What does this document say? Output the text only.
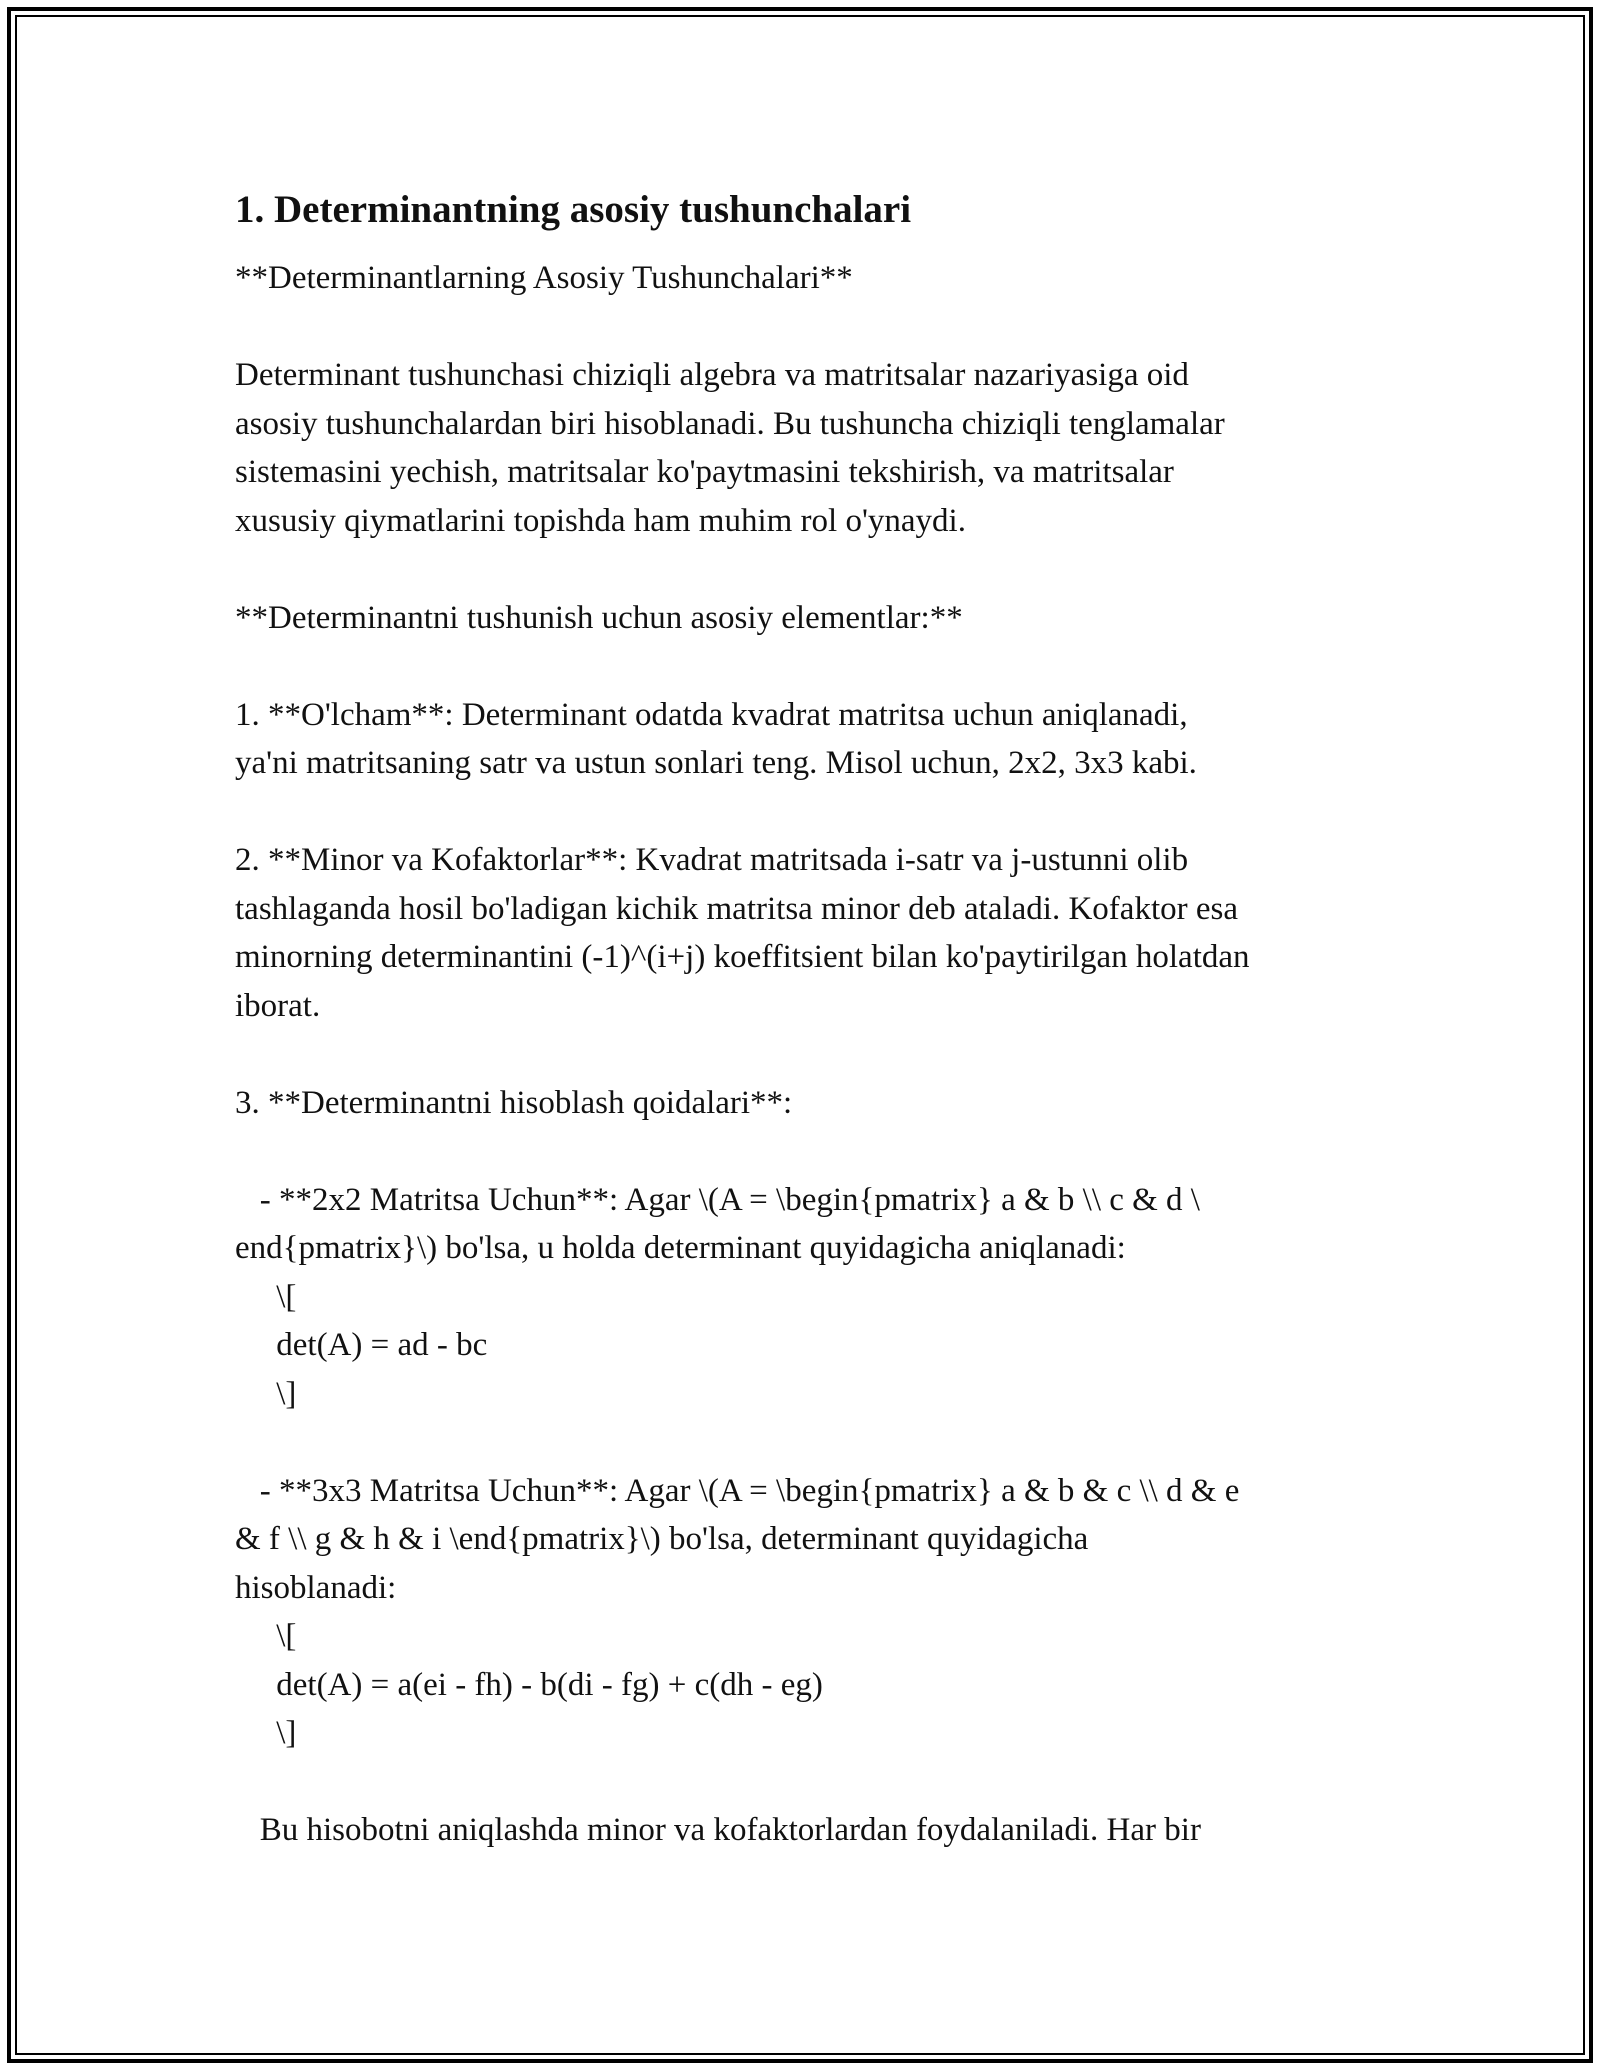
1. Determinantning asosiy tushunchalari
**Determinantlarning Asosiy Tushunchalari**
Determinant tushunchasi chiziqli algebra va matritsalar nazariyasiga oid
asosiy tushunchalardan biri hisoblanadi. Bu tushuncha chiziqli tenglamalar
sistemasini yechish, matritsalar ko'paytmasini tekshirish, va matritsalar
xususiy qiymatlarini topishda ham muhim rol o'ynaydi.
**Determinantni tushunish uchun asosiy elementlar:**
1. **O'lcham**: Determinant odatda kvadrat matritsa uchun aniqlanadi,
ya'ni matritsaning satr va ustun sonlari teng. Misol uchun, 2x2, 3x3 kabi.
2. **Minor va Kofaktorlar**: Kvadrat matritsada i-satr va j-ustunni olib
tashlaganda hosil bo'ladigan kichik matritsa minor deb ataladi. Kofaktor esa
minorning determinantini (-1)^(i+j) koeffitsient bilan ko'paytirilgan holatdan
iborat.
3. **Determinantni hisoblash qoidalari**:
- **2x2 Matritsa Uchun**: Agar \(A = \begin{pmatrix} a & b \\ c & d \
end{pmatrix}\) bo'lsa, u holda determinant quyidagicha aniqlanadi:
\[
det(A) = ad - bc
\]
- **3x3 Matritsa Uchun**: Agar \(A = \begin{pmatrix} a & b & c \\ d & e
& f \\ g & h & i \end{pmatrix}\) bo'lsa, determinant quyidagicha
hisoblanadi:
\[
det(A) = a(ei - fh) - b(di - fg) + c(dh - eg)
\]
Bu hisobotni aniqlashda minor va kofaktorlardan foydalaniladi. Har bir
